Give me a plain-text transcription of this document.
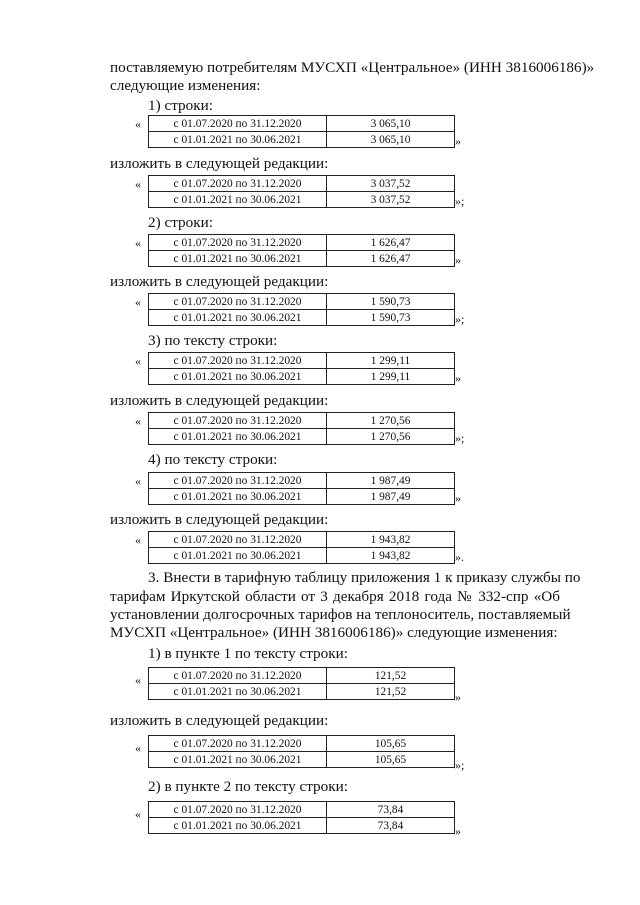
поставляемую потребителям МУСХП «Центральное» (ИНН 3816006186)»
следующие изменения:
1) строки:
«	с 01.07.2020 по 31.12.2020	3 065,10
с 01.01.2021 по 30.06.2021	3 065,10	»
изложить в следующей редакции:
«	с 01.07.2020 по 31.12.2020	3 037,52
с 01.01.2021 по 30.06.2021	3 037,52	»;
2) строки:
«	с 01.07.2020 по 31.12.2020	1 626,47
с 01.01.2021 по 30.06.2021	1 626,47	»
изложить в следующей редакции:
«	с 01.07.2020 по 31.12.2020	1 590,73
с 01.01.2021 по 30.06.2021	1 590,73	»;
3) по тексту строки:
«	с 01.07.2020 по 31.12.2020	1 299,11
с 01.01.2021 по 30.06.2021	1 299,11	»
изложить в следующей редакции:
«	с 01.07.2020 по 31.12.2020	1 270,56
с 01.01.2021 по 30.06.2021	1 270,56	»;
4) по тексту строки:
«	с 01.07.2020 по 31.12.2020	1 987,49
с 01.01.2021 по 30.06.2021	1 987,49	»
изложить в следующей редакции:
«	с 01.07.2020 по 31.12.2020	1 943,82
с 01.01.2021 по 30.06.2021	1 943,82	».
3. Внести в тарифную таблицу приложения 1 к приказу службы по
тарифам Иркутской области от 3 декабря 2018 года № 332-спр «Об
установлении долгосрочных тарифов на теплоноситель, поставляемый
МУСХП «Центральное» (ИНН 3816006186)» следующие изменения:
1) в пункте 1 по тексту строки:
«	с 01.07.2020 по 31.12.2020	121,52
с 01.01.2021 по 30.06.2021	121,52	»
изложить в следующей редакции:
«	с 01.07.2020 по 31.12.2020	105,65
с 01.01.2021 по 30.06.2021	105,65	»;
2) в пункте 2 по тексту строки:
«	с 01.07.2020 по 31.12.2020	73,84
с 01.01.2021 по 30.06.2021	73,84	»
